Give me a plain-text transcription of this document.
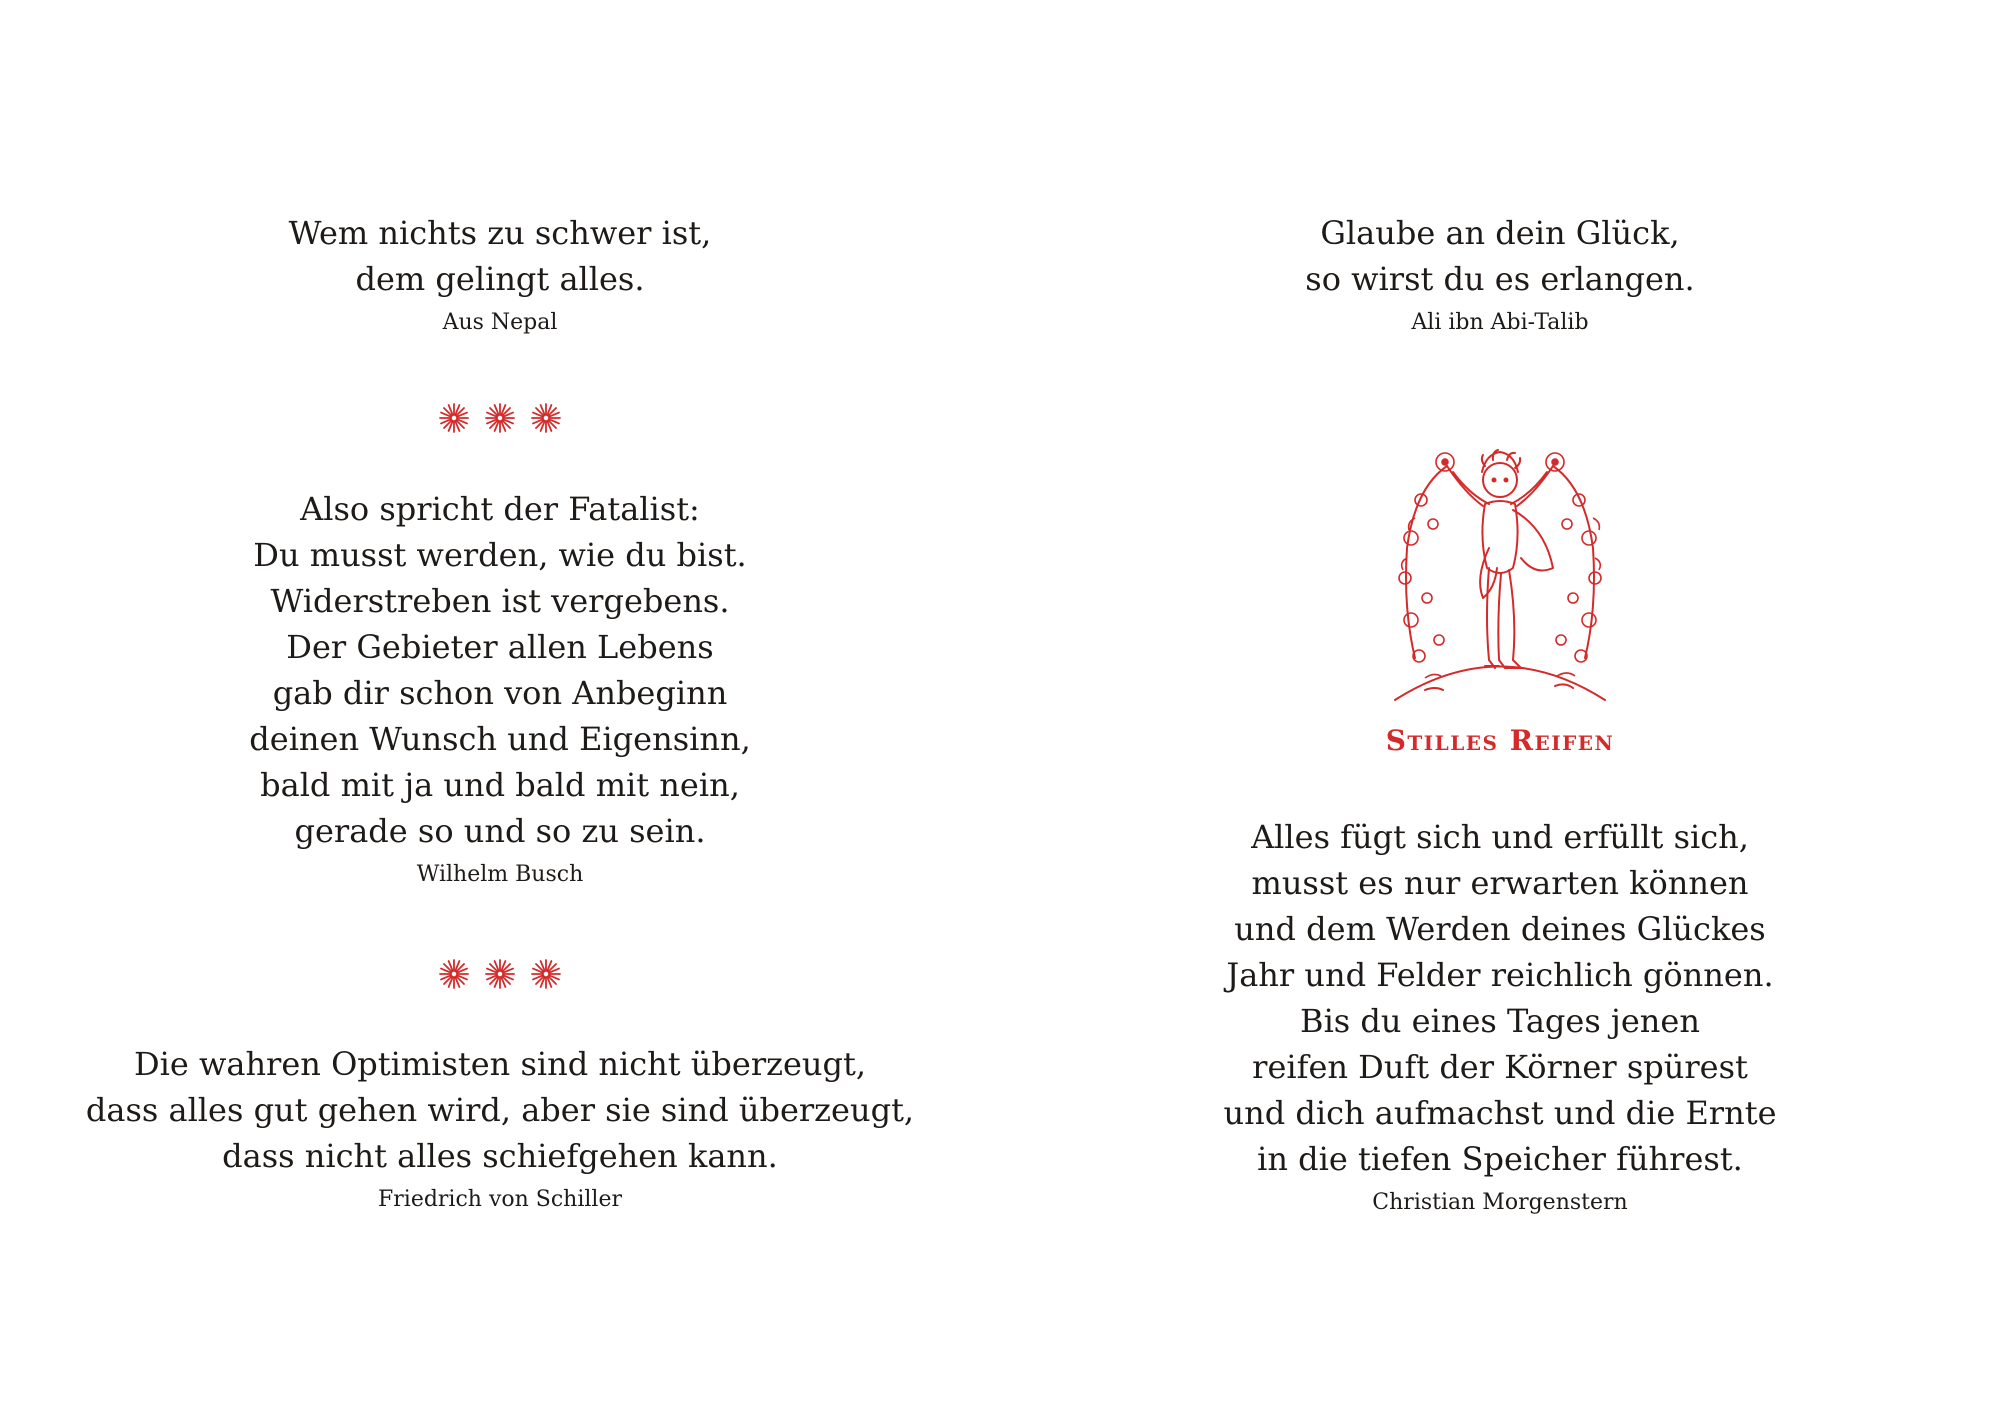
Wem nichts zu schwer ist,
dem gelingt alles.
Aus Nepal
Also spricht der Fatalist:
Du musst werden, wie du bist.
Widerstreben ist vergebens.
Der Gebieter allen Lebens
gab dir schon von Anbeginn
deinen Wunsch und Eigensinn,
bald mit ja und bald mit nein,
gerade so und so zu sein.
Wilhelm Busch
Die wahren Optimisten sind nicht überzeugt,
dass alles gut gehen wird, aber sie sind überzeugt,
dass nicht alles schiefgehen kann.
Friedrich von Schiller
Glaube an dein Glück,
so wirst du es erlangen.
Ali ibn Abi-Talib
Stilles Reifen
Alles fügt sich und erfüllt sich,
musst es nur erwarten können
und dem Werden deines Glückes
Jahr und Felder reichlich gönnen.
Bis du eines Tages jenen
reifen Duft der Körner spürest
und dich aufmachst und die Ernte
in die tiefen Speicher führest.
Christian Morgenstern
